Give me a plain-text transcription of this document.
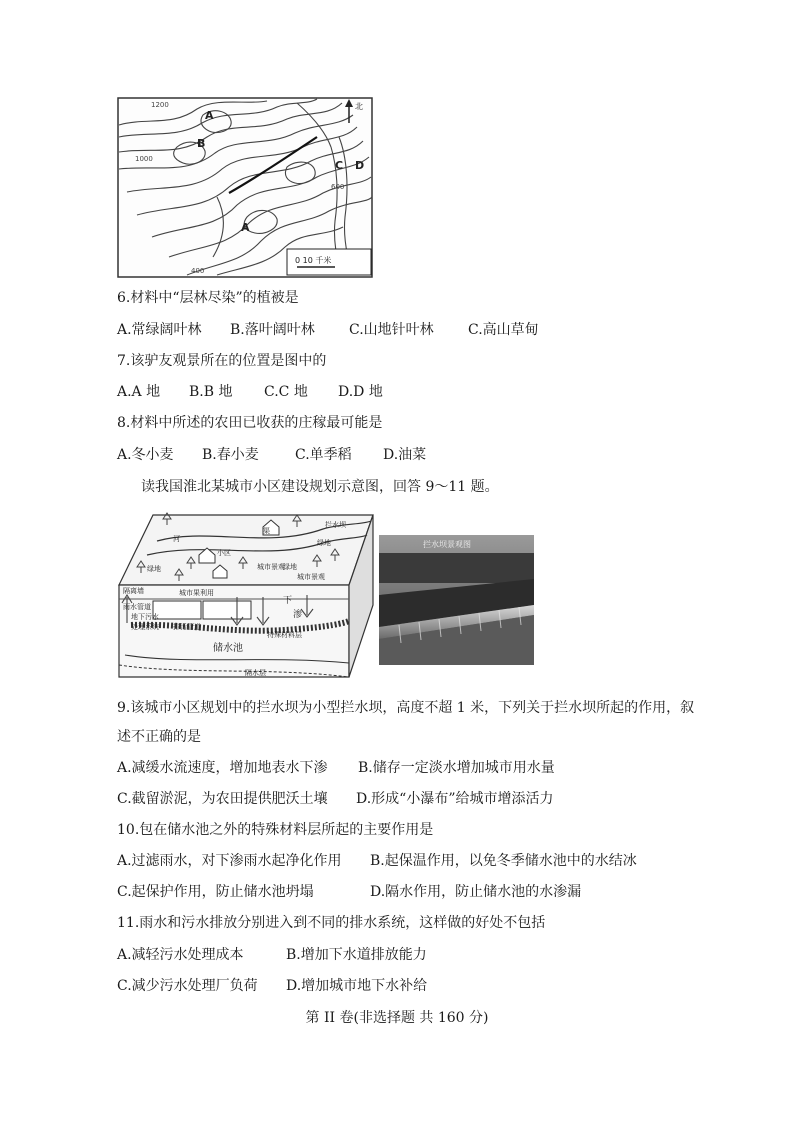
北
A
B
A
C D
1200
1000
600
400
0 10 千米
6.材料中“层林尽染”的植被是
A.常绿阔叶林 B.落叶阔叶林 C.山地针叶林 C.高山草甸
7.该驴友观景所在的位置是图中的
A.A 地 B.B 地 C.C 地 D.D 地
8.材料中所述的农田已收获的庄稼最可能是
A.冬小麦 B.春小麦	C.单季稻 D.油菜
读我国淮北某城市小区建设规划示意图，回答 9～11 题。
河
渠
拦水坝
小区
绿地
城市景观
城市景观
绿地
绿地
城市果利用
隔离墙
雨水管道
地下污水
处理系统 排污管道
下
渗
特殊材料层
储水池
隔水层
拦水坝景观图
9.该城市小区规划中的拦水坝为小型拦水坝，高度不超 1 米，下列关于拦水坝所起的作用，叙
述不正确的是
A.减缓水流速度，增加地表水下渗 B.储存一定淡水增加城市用水量
C.截留淤泥，为农田提供肥沃土壤 D.形成“小瀑布”给城市增添活力
10.包在储水池之外的特殊材料层所起的主要作用是
A.过滤雨水，对下渗雨水起净化作用 B.起保温作用，以免冬季储水池中的水结冰
C.起保护作用，防止储水池坍塌	D.隔水作用，防止储水池的水渗漏
11.雨水和污水排放分别进入到不同的排水系统，这样做的好处不包括
A.减轻污水处理成本	B.增加下水道排放能力
C.减少污水处理厂负荷 D.增加城市地下水补给
第 II 卷(非选择题 共 160 分)
